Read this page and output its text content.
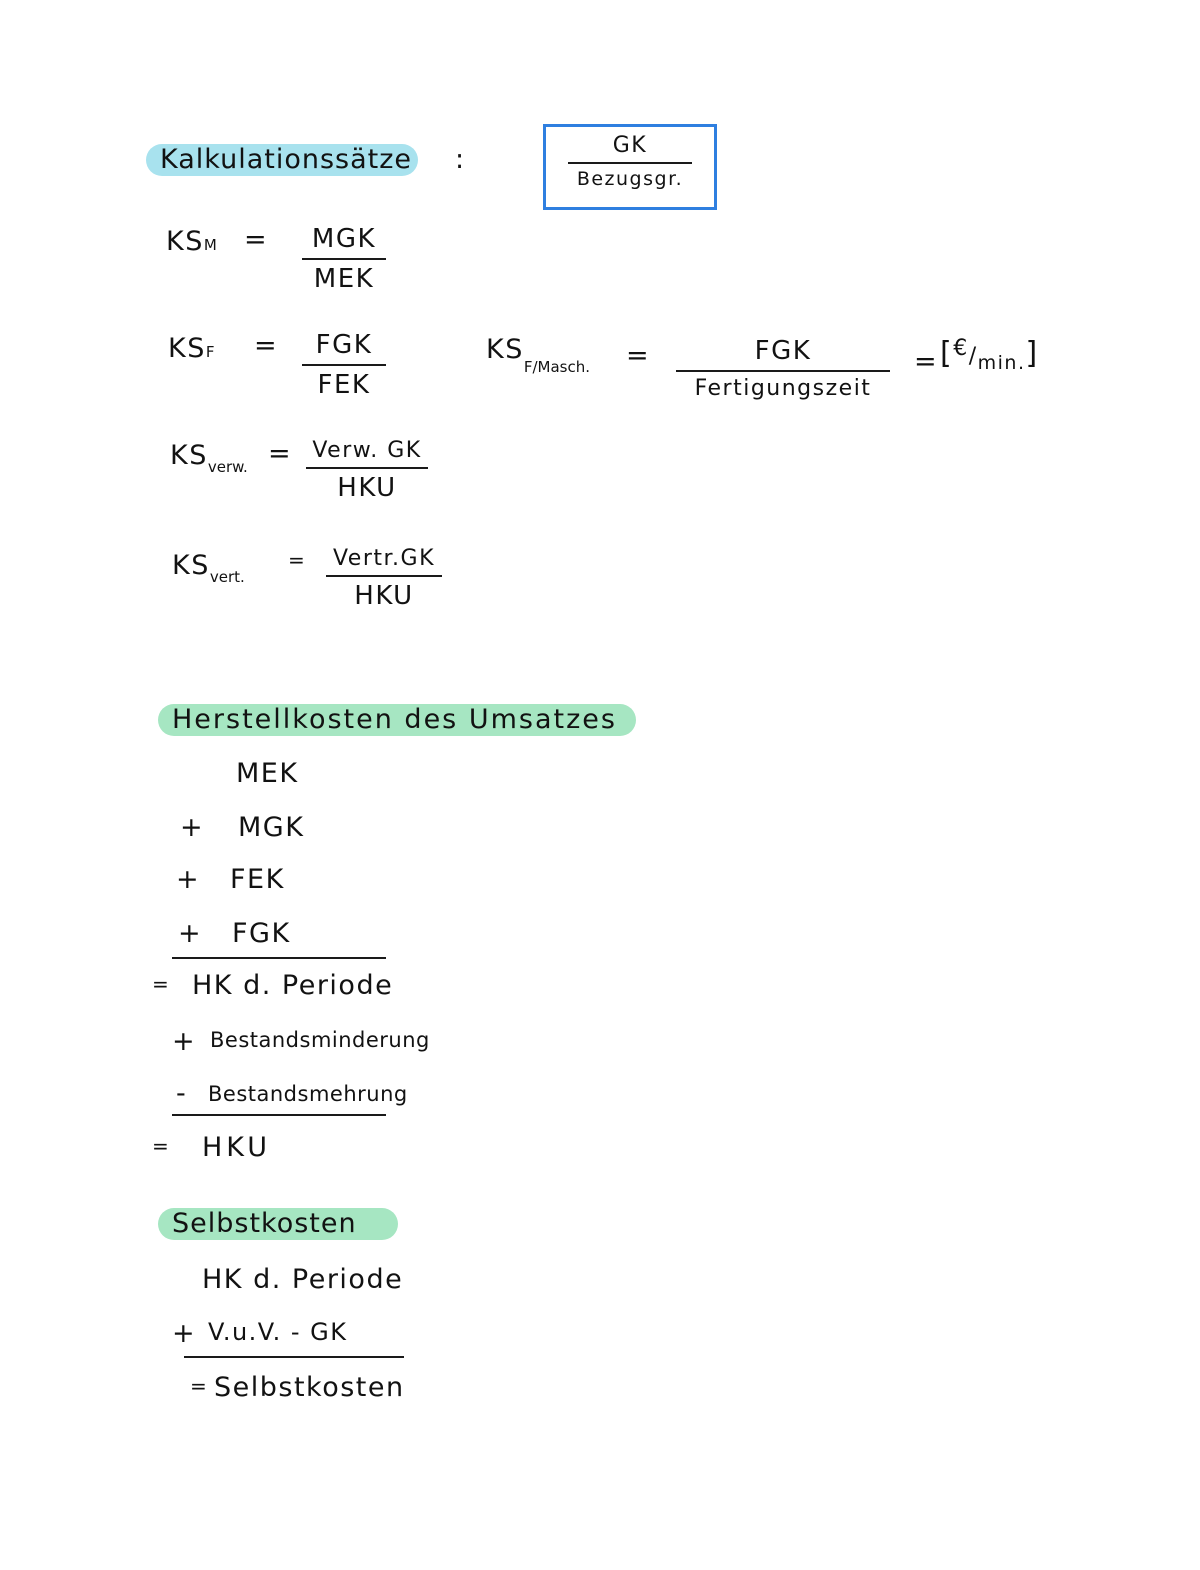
Kalkulationssätze :	GK
Bezugsgr.
KSM =	MGK
MEK
KSF =	FGK
FEK
$KS_{F/Masch.}$ =	FGK
Fertigungszeit
= $[^€/_{min.}]$
$KS_{verw.}$ = Verw. GK
HKU
$KS_{vert.}$
=	Vertr.GK
HKU
Herstellkosten des Umsatzes
MEK
+ MGK
+ FEK
+ FGK
= HK d. Periode
+ Bestandsminderung
- Bestandsmehrung
= HKU
Selbstkosten
HK d. Periode
+ V.u.V. - GK
= Selbstkosten
